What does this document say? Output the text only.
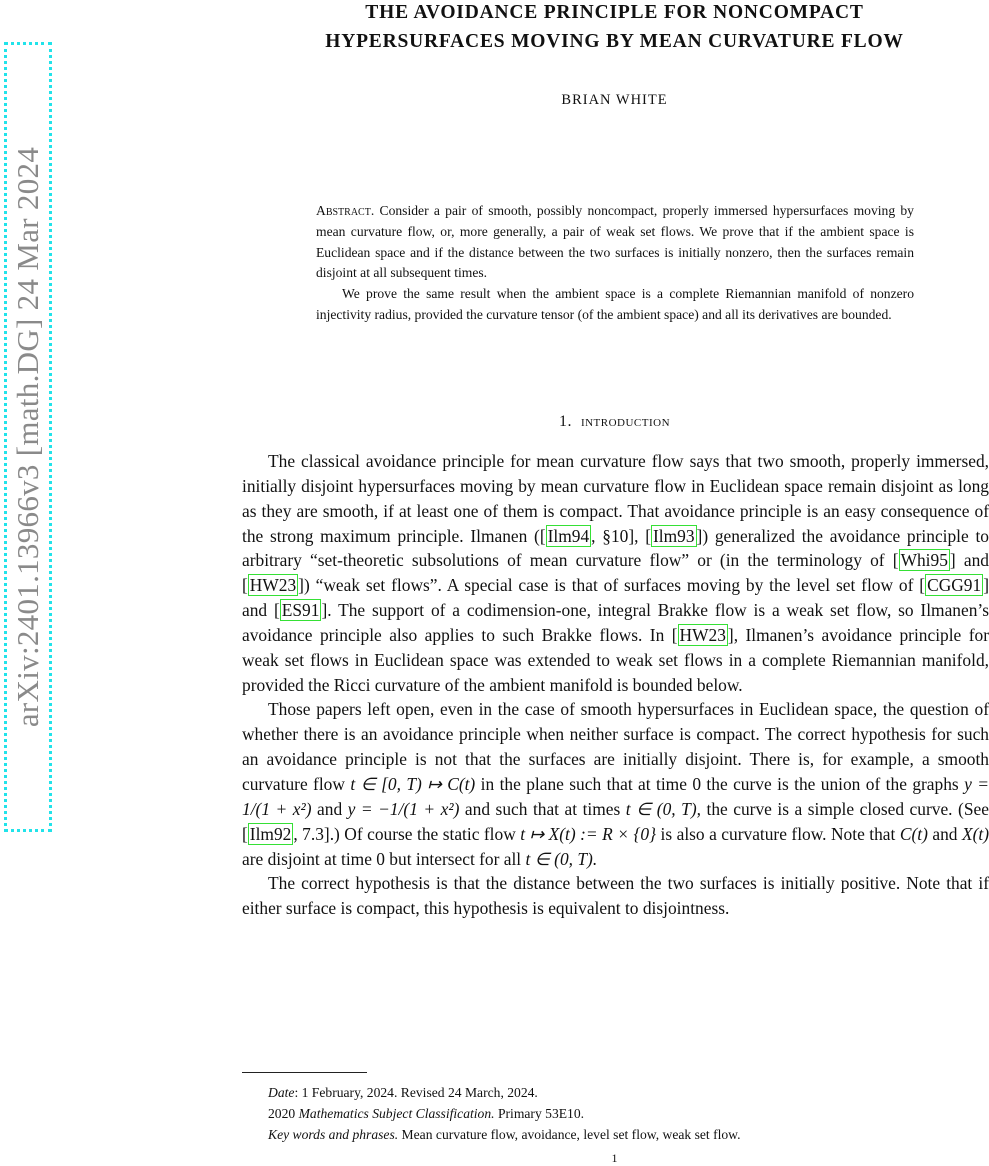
arXiv:2401.13966v3 [math.DG] 24 Mar 2024
THE AVOIDANCE PRINCIPLE FOR NONCOMPACT
HYPERSURFACES MOVING BY MEAN CURVATURE FLOW
BRIAN WHITE

Abstract. Consider a pair of smooth, possibly noncompact, properly immersed hypersurfaces moving by mean curvature flow, or, more generally, a pair of weak set flows. We prove that if the ambient space is Euclidean space and if the distance between the two surfaces is initially nonzero, then the surfaces remain disjoint at all subsequent times.

We prove the same result when the ambient space is a complete Riemannian manifold of nonzero injectivity radius, provided the curvature tensor (of the ambient space) and all its derivatives are bounded.

1. introduction

The classical avoidance principle for mean curvature flow says that two smooth, properly immersed, initially disjoint hypersurfaces moving by mean curvature flow in Euclidean space remain disjoint as long as they are smooth, if at least one of them is compact. That avoidance principle is an easy consequence of the strong maximum principle. Ilmanen ([ Ilm94 , §10], [ Ilm93 ]) generalized the avoidance principle to arbitrary “set-theoretic subsolutions of mean curvature flow” or (in the terminology of [ Whi95 ] and [ HW23 ]) “weak set flows”. A special case is that of surfaces moving by the level set flow of [ CGG91 ] and [ ES91 ]. The support of a codimension-one, integral Brakke flow is a weak set flow, so Ilmanen’s avoidance principle also applies to such Brakke flows. In [ HW23 ], Ilmanen’s avoidance principle for weak set flows in Euclidean space was extended to weak set flows in a complete Riemannian manifold, provided the Ricci curvature of the ambient manifold is bounded below.

Those papers left open, even in the case of smooth hypersurfaces in Euclidean space, the question of whether there is an avoidance principle when neither surface is compact. The correct hypothesis for such an avoidance principle is not that the surfaces are initially disjoint. There is, for example, a smooth curvature flow t ∈ [0, T) ↦ C(t) in the plane such that at time 0 the curve is the union of the graphs y = 1/(1 + x²) and y = −1/(1 + x²) and such that at times t ∈ (0, T), the curve is a simple closed curve. (See [ Ilm92 , 7.3].) Of course the static flow t ↦ X(t) := R × {0} is also a curvature flow. Note that C(t) and X(t) are disjoint at time 0 but intersect for all t ∈ (0, T).

The correct hypothesis is that the distance between the two surfaces is initially positive. Note that if either surface is compact, this hypothesis is equivalent to disjointness.

Date: 1 February, 2024. Revised 24 March, 2024.
2020 Mathematics Subject Classification. Primary 53E10.
Key words and phrases. Mean curvature flow, avoidance, level set flow, weak set flow.
1
